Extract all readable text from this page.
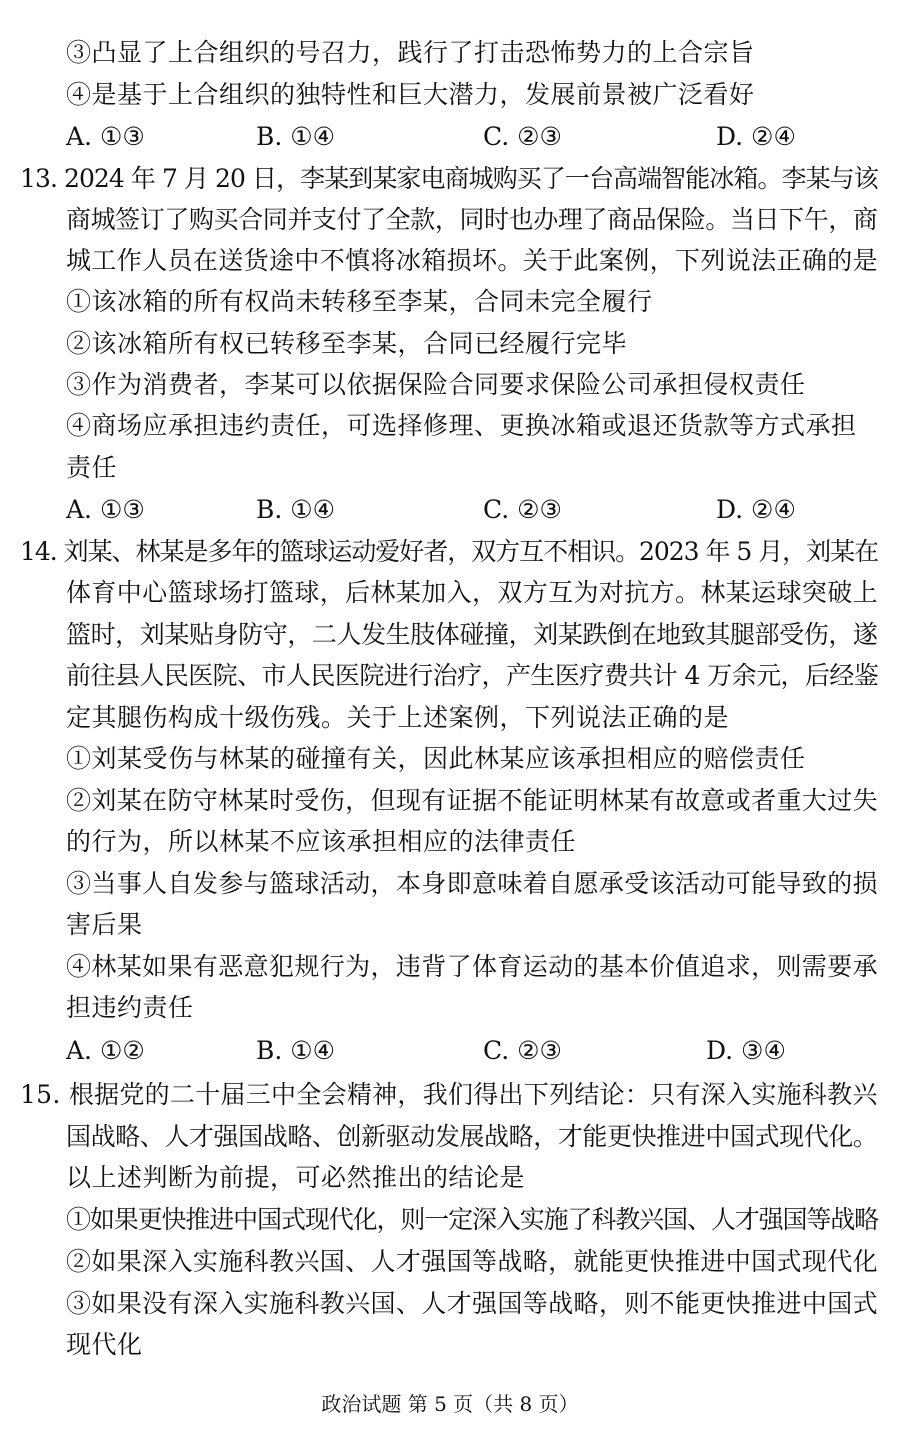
③凸显了上合组织的号召力，践行了打击恐怖势力的上合宗旨
④是基于上合组织的独特性和巨大潜力，发展前景被广泛看好
A. ①③	B. ①④	C. ②③	D. ②④
13. 2024 年 7 月 20 日，李某到某家电商城购买了一台高端智能冰箱。李某与该
商城签订了购买合同并支付了全款，同时也办理了商品保险。当日下午，商
城工作人员在送货途中不慎将冰箱损坏。关于此案例，下列说法正确的是
①该冰箱的所有权尚未转移至李某，合同未完全履行
②该冰箱所有权已转移至李某，合同已经履行完毕
③作为消费者，李某可以依据保险合同要求保险公司承担侵权责任
④商场应承担违约责任，可选择修理、更换冰箱或退还货款等方式承担
责任
A. ①③	B. ①④	C. ②③	D. ②④
14. 刘某、林某是多年的篮球运动爱好者，双方互不相识。2023 年 5 月，刘某在
体育中心篮球场打篮球，后林某加入，双方互为对抗方。林某运球突破上
篮时，刘某贴身防守，二人发生肢体碰撞，刘某跌倒在地致其腿部受伤，遂
前往县人民医院、市人民医院进行治疗，产生医疗费共计 4 万余元，后经鉴
定其腿伤构成十级伤残。关于上述案例，下列说法正确的是
①刘某受伤与林某的碰撞有关，因此林某应该承担相应的赔偿责任
②刘某在防守林某时受伤，但现有证据不能证明林某有故意或者重大过失
的行为，所以林某不应该承担相应的法律责任
③当事人自发参与篮球活动，本身即意味着自愿承受该活动可能导致的损
害后果
④林某如果有恶意犯规行为，违背了体育运动的基本价值追求，则需要承
担违约责任
A. ①②	B. ①④	C. ②③	D. ③④
15. 根据党的二十届三中全会精神，我们得出下列结论：只有深入实施科教兴
国战略、人才强国战略、创新驱动发展战略，才能更快推进中国式现代化。
以上述判断为前提，可必然推出的结论是
①如果更快推进中国式现代化，则一定深入实施了科教兴国、人才强国等战略
②如果深入实施科教兴国、人才强国等战略，就能更快推进中国式现代化
③如果没有深入实施科教兴国、人才强国等战略，则不能更快推进中国式
现代化
政治试题 第 5 页（共 8 页）
